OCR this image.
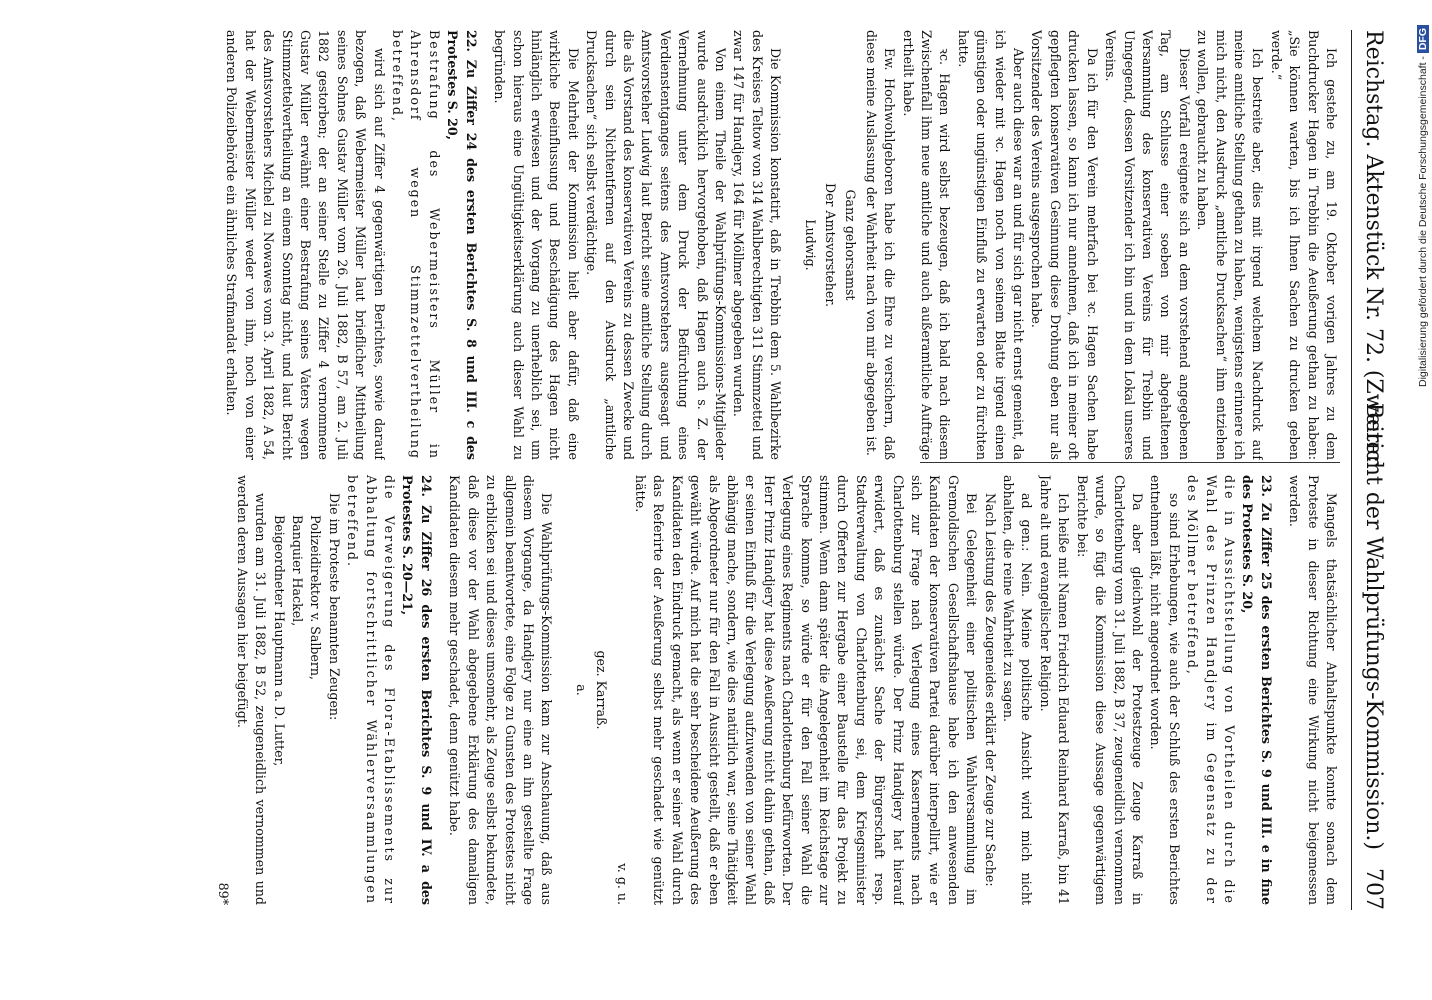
Reichstag. Aktenstück Nr. 72. (Zweiter
Bericht der Wahlprüfungs-Kommission.)
707

Ich gestehe zu, am 19. Oktober vorigen Jahres zu dem Buchdrucker Hagen in Trebbin die Aeußerung gethan zu haben: „Sie können warten, bis ich Ihnen Sachen zu drucken geben werde.“

Ich bestreite aber, dies mit irgend welchem Nachdruck auf meine amtliche Stellung gethan zu haben, wenigstens erinnere ich mich nicht, den Ausdruck „amtliche Drucksachen“ ihm entziehen zu wollen, gebraucht zu haben.

Dieser Vorfall ereignete sich an dem vorstehend angegebenen Tag, am Schlusse einer soeben von mir abgehaltenen Versammlung des konservativen Vereins für Trebbin und Umgegend, dessen Vorsitzender ich bin und in dem Lokal unseres Vereins.

Da ich für den Verein mehrfach bei ꝛc. Hagen Sachen habe drucken lassen, so kann ich nur annehmen, daß ich in meiner oft gepflegten konservativen Gesinnung diese Drohung eben nur als Vorsitzender des Vereins ausgesprochen habe.

Aber auch diese war an und für sich gar nicht ernst gemeint, da ich wieder mit ꝛc. Hagen noch von seinem Blatte irgend einen günstigen oder ungünstigen Einfluß zu erwarten oder zu fürchten hatte.

ꝛc. Hagen wird selbst bezeugen, daß ich bald nach diesem Zwischenfall ihm neue amtliche und auch außeramtliche Aufträge ertheilt habe.

Ew. Hochwohlgeboren habe ich die Ehre zu versichern, daß diese meine Auslassung der Wahrheit nach von mir abgegeben ist.

Ganz gehorsamst

Der Amtsvorsteher.

Ludwig.

Die Kommission konstatirt, daß in Trebbin dem 5. Wahlbezirke des Kreises Teltow von 314 Wahlberechtigten 311 Stimmzettel und zwar 147 für Handjery, 164 für Möllmer abgegeben wurden.

Von einem Theile der Wahlprüfungs-Kommissions-Mitglieder wurde ausdrücklich hervorgehoben, daß Hagen auch s. Z. der Vernehmung unter dem Druck der Befürchtung eines Verdienstentganges seitens des Amtsvorstehers ausgesagt und Amtsvorsteher Ludwig laut Bericht seine amtliche Stellung durch die als Vorstand des konservativen Vereins zu dessen Zwecke und durch sein Nichtentfernen auf den Ausdruck „amtliche Drucksachen“ sich selbst verdächtige.

Die Mehrheit der Kommission hielt aber dafür, daß eine wirkliche Beeinflussung und Beschädigung des Hagen nicht hinlänglich erwiesen und der Vorgang zu unerheblich sei, um schon hieraus eine Ungültigkeitserklärung auch dieser Wahl zu begründen.

22. Zu Ziffer 24 des ersten Berichtes S. 8 und III. c des Protestes S. 20,

Bestrafung des Webermeisters Müller in Ahrensdorf wegen Stimmzettelvertheilung betreffend,

wird sich auf Ziffer 4 gegenwärtigen Berichtes, sowie darauf bezogen, daß Webermeister Müller laut brieflicher Mittheilung seines Sohnes Gustav Müller vom 26. Juli 1882, B 57, am 2. Juli 1882 gestorben; der an seiner Stelle zu Ziffer 4 vernommene Gustav Müller erwähnt einer Bestrafung seines Vaters wegen Stimmzettelvertheilung an einem Sonntag nicht, und laut Bericht des Amtsvorstehers Michel zu Nowawes vom 3. April 1882, A 54, hat der Webermeister Müller weder von ihm, noch von einer anderen Polizeibehörde ein ähnliches Strafmandat erhalten.

Mangels thatsächlicher Anhaltspunkte konnte sonach dem Proteste in dieser Richtung eine Wirkung nicht beigemessen werden.

23. Zu Ziffer 25 des ersten Berichtes S. 9 und III. e in fine des Protestes S. 20,

die in Aussichtstellung von Vortheilen durch die Wahl des Prinzen Handjery im Gegensatz zu der des Möllmer betreffend,

so sind Erhebungen, wie auch der Schluß des ersten Berichtes entnehmen läßt, nicht angeordnet worden.

Da aber gleichwohl der Protestzeuge Zeuge Karraß in Charlottenburg vom 31. Juli 1882, B 37, zeugeneidlich vernommen wurde, so fügt die Kommission diese Aussage gegenwärtigem Berichte bei:

Ich heiße mit Namen Friedrich Eduard Reinhard Karraß, bin 41 Jahre alt und evangelischer Religion.

ad gen.: Nein. Meine politische Ansicht wird mich nicht abhalten, die reine Wahrheit zu sagen.

Nach Leistung des Zeugeneides erklärt der Zeuge zur Sache:

Bei Gelegenheit einer politischen Wahlversammlung im Gremoldischen Gesellschaftshause habe ich den anwesenden Kandidaten der konservativen Partei darüber interpellirt, wie er sich zur Frage nach Verlegung eines Kasernements nach Charlottenburg stellen würde. Der Prinz Handjery hat hierauf erwidert, daß es zunächst Sache der Bürgerschaft resp. Stadtverwaltung von Charlottenburg sei, dem Kriegsminister durch Offerten zur Hergabe einer Baustelle für das Projekt zu stimmen. Wenn dann später die Angelegenheit im Reichstage zur Sprache komme, so würde er für den Fall seiner Wahl die Verlegung eines Regiments nach Charlottenburg befürworten. Der Herr Prinz Handjery hat diese Aeußerung nicht dahin gethan, daß er seinen Einfluß für die Verlegung aufzuwenden von seiner Wahl abhängig mache, sondern, wie dies natürlich war, seine Thätigkeit als Abgeordneter nur für den Fall in Aussicht gestellt, daß er eben gewählt würde. Auf mich hat die sehr bescheidene Aeußerung des Kandidaten den Eindruck gemacht, als wenn er seiner Wahl durch das Referirte der Aeußerung selbst mehr geschadet wie genützt hätte.

v. g. u.

gez. Karraß.

a.

Die Wahlprüfungs-Kommission kam zur Anschauung, daß aus diesem Vorgange, da Handjery nur eine an ihn gestellte Frage allgemein beantwortete, eine Folge zu Gunsten des Protestes nicht zu erblicken sei und dieses umsomehr, als Zeuge selbst bekundete, daß diese vor der Wahl abgegebene Erklärung des damaligen Kandidaten diesem mehr geschadet, denn genützt habe.

24. Zu Ziffer 26 des ersten Berichtes S. 9 und IV. a des Protestes S. 20—21,

die Verweigerung des Flora-Etablissements zur Abhaltung fortschrittlicher Wählerversammlungen betreffend.

Die im Proteste benannten Zeugen:

Polizeidirektor v. Salbern,

Banquier Hackel,

Beigeordneter Hauptmann a. D. Lutter,

wurden am 31. Juli 1882, B 52, zeugeneidlich vernommen und werden deren Aussagen hier beigefügt.

89*

Digitalisierung gefördert durch die Deutsche Forschungsgemeinschaft - DFG
